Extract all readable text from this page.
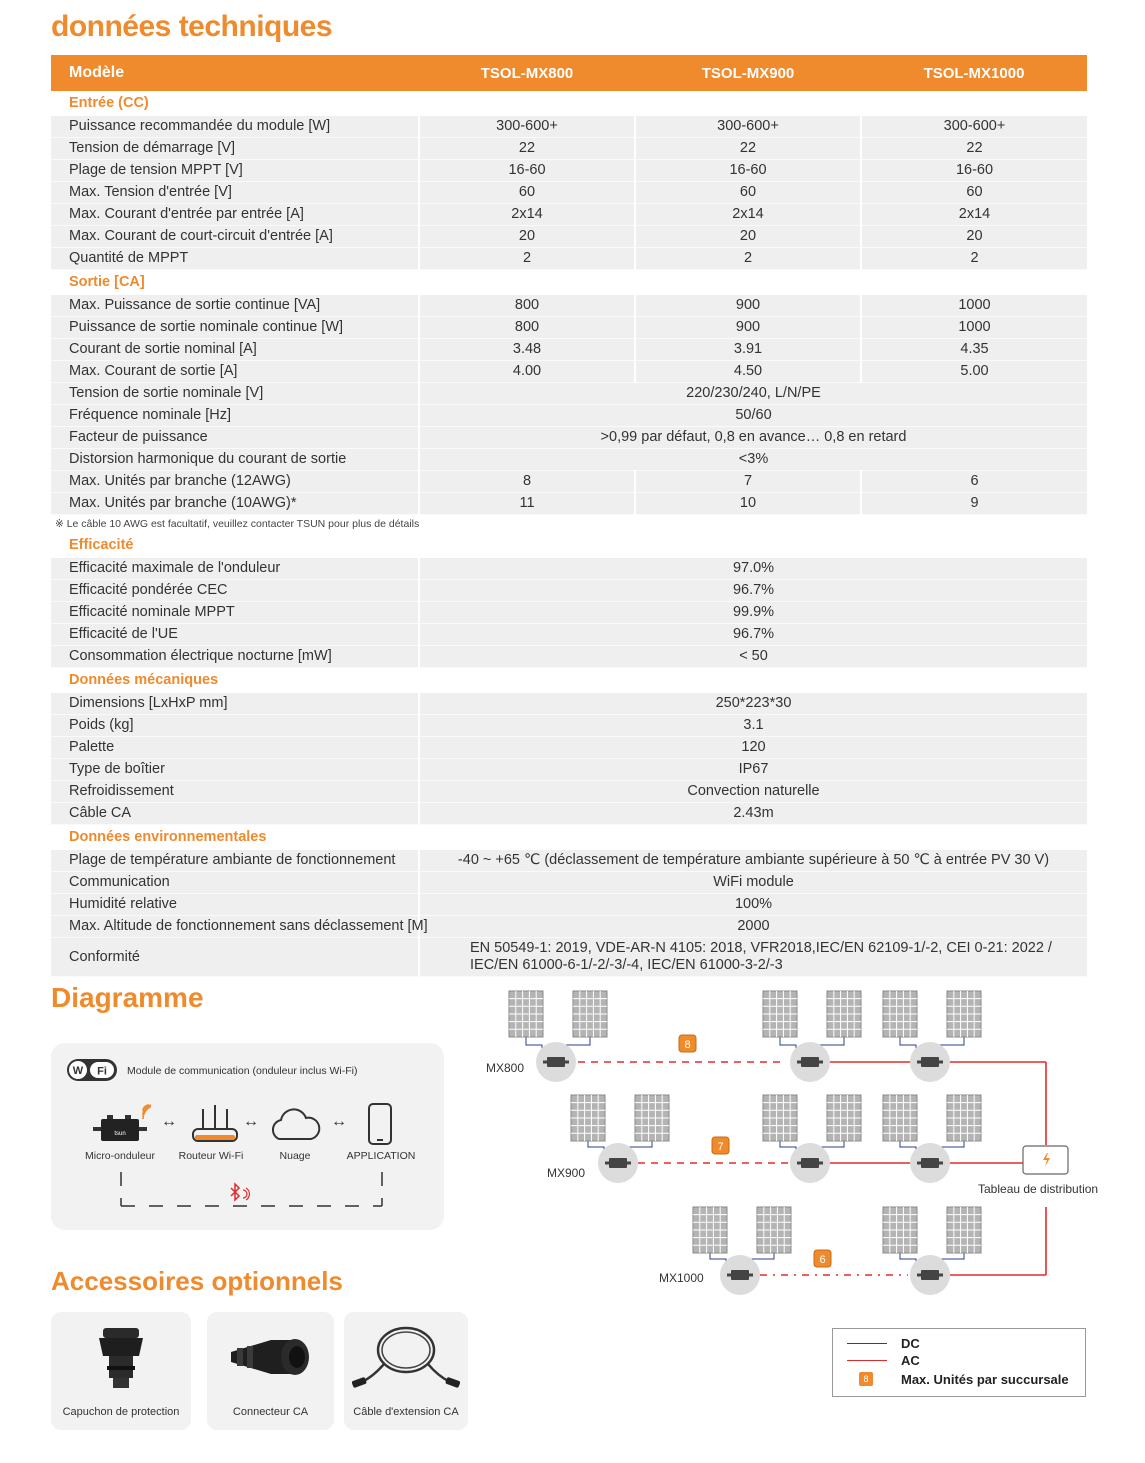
données techniques
Diagramme
Accessoires optionnels
Modèle	TSOL-MX800	TSOL-MX900	TSOL-MX1000
Entrée (CC)			
Puissance recommandée du module [W]	300-600+	300-600+	300-600+
Tension de démarrage [V]	22	22	22
Plage de tension MPPT [V]	16-60	16-60	16-60
Max. Tension d'entrée [V]	60	60	60
Max. Courant d'entrée par entrée [A]	2x14	2x14	2x14
Max. Courant de court-circuit d'entrée [A]	20	20	20
Quantité de MPPT	2	2	2
Sortie [CA]			
Max. Puissance de sortie continue [VA]	800	900	1000
Puissance de sortie nominale continue [W]	800	900	1000
Courant de sortie nominal [A]	3.48	3.91	4.35
Max. Courant de sortie [A]	4.00	4.50	5.00
Tension de sortie nominale [V]	220/230/240, L/N/PE		
Fréquence nominale [Hz]	50/60		
Facteur de puissance	>0,99 par défaut, 0,8 en avance… 0,8 en retard		
Distorsion harmonique du courant de sortie	<3%		
Max. Unités par branche (12AWG)	8	7	6
Max. Unités par branche (10AWG)*	11	10	9
※ Le câble 10 AWG est facultatif, veuillez contacter TSUN pour plus de détails			
Efficacité			
Efficacité maximale de l'onduleur	97.0%		
Efficacité pondérée CEC	96.7%		
Efficacité nominale MPPT	99.9%		
Efficacité de l'UE	96.7%		
Consommation électrique nocturne [mW]	< 50		
Données mécaniques			
Dimensions [LxHxP mm]	250*223*30		
Poids (kg]	3.1		
Palette	120		
Type de boîtier	IP67		
Refroidissement	Convection naturelle		
Câble CA	2.43m		
Données environnementales			
Plage de température ambiante de fonctionnement	-40 ~ +65 ℃ (déclassement de température ambiante supérieure à 50 ℃ à entrée PV 30 V)		
Communication	WiFi module		
Humidité relative	100%		
Max. Altitude de fonctionnement sans déclassement [M]	2000		
Conformité	EN 50549-1: 2019, VDE-AR-N 4105: 2018, VFR2018,IEC/EN 62109-1/-2, CEI 0-21: 2022 / IEC/EN 61000-6-1/-2/-3/-4, IEC/EN 61000-3-2/-3		
W Fi Module de communication (onduleur inclus Wi-Fi)
tsun
↔	↔	↔
Micro-onduleur	Routeur Wi-Fi	Nuage	APPLICATION
Capuchon de protection	Connecteur CA	Câble d'extension CA
8
7
6
MX800
MX900
MX1000
Tableau de distribution
DC
AC
8	Max. Unités par succursale
